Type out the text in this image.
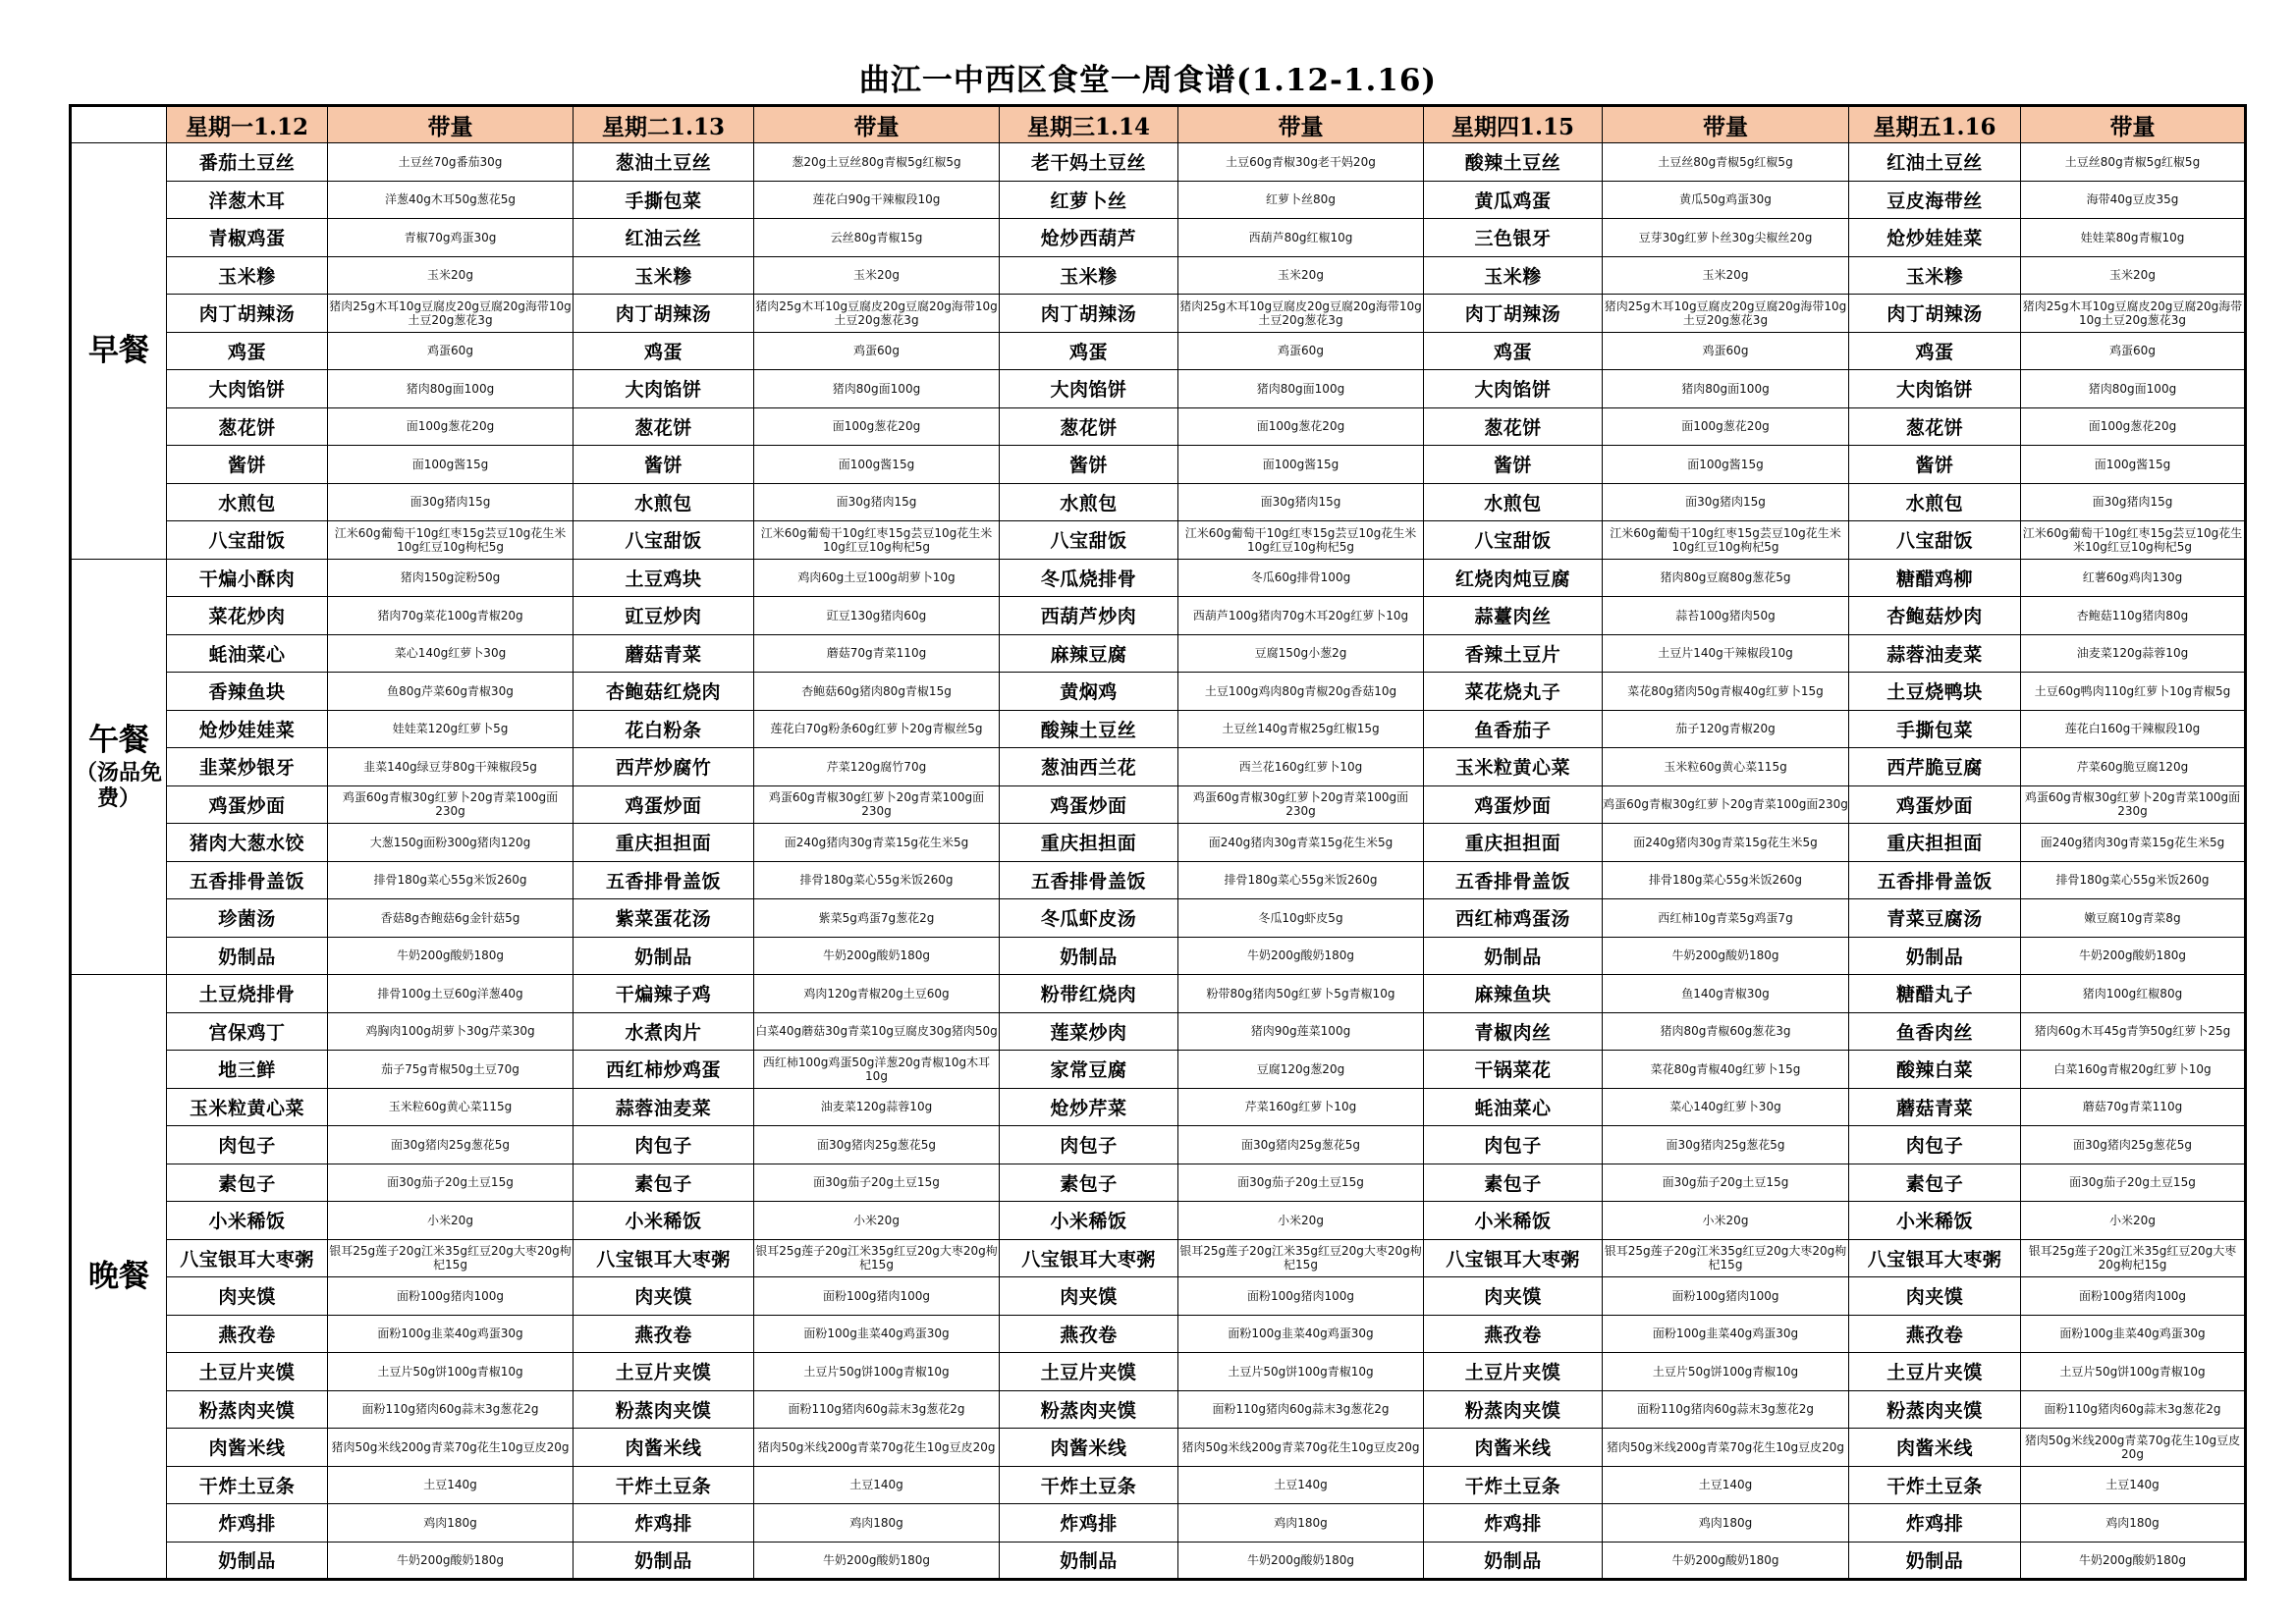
曲江一中西区食堂一周食谱(1.12-1.16)
	星期一1.12	带量	星期二1.13	带量	星期三1.14	带量	星期四1.15	带量	星期五1.16	带量
早餐	番茄土豆丝	土豆丝70g番茄30g	葱油土豆丝	葱20g土豆丝80g青椒5g红椒5g	老干妈土豆丝	土豆60g青椒30g老干妈20g	酸辣土豆丝	土豆丝80g青椒5g红椒5g	红油土豆丝	土豆丝80g青椒5g红椒5g
	洋葱木耳	洋葱40g木耳50g葱花5g	手撕包菜	莲花白90g干辣椒段10g	红萝卜丝	红萝卜丝80g	黄瓜鸡蛋	黄瓜50g鸡蛋30g	豆皮海带丝	海带40g豆皮35g
	青椒鸡蛋	青椒70g鸡蛋30g	红油云丝	云丝80g青椒15g	炝炒西葫芦	西葫芦80g红椒10g	三色银牙	豆芽30g红萝卜丝30g尖椒丝20g	炝炒娃娃菜	娃娃菜80g青椒10g
	玉米糁	玉米20g	玉米糁	玉米20g	玉米糁	玉米20g	玉米糁	玉米20g	玉米糁	玉米20g
	肉丁胡辣汤	猪肉25g木耳10g豆腐皮20g豆腐20g海带10g土豆20g葱花3g	肉丁胡辣汤	猪肉25g木耳10g豆腐皮20g豆腐20g海带10g土豆20g葱花3g	肉丁胡辣汤	猪肉25g木耳10g豆腐皮20g豆腐20g海带10g土豆20g葱花3g	肉丁胡辣汤	猪肉25g木耳10g豆腐皮20g豆腐20g海带10g土豆20g葱花3g	肉丁胡辣汤	猪肉25g木耳10g豆腐皮20g豆腐20g海带10g土豆20g葱花3g
	鸡蛋	鸡蛋60g	鸡蛋	鸡蛋60g	鸡蛋	鸡蛋60g	鸡蛋	鸡蛋60g	鸡蛋	鸡蛋60g
	大肉馅饼	猪肉80g面100g	大肉馅饼	猪肉80g面100g	大肉馅饼	猪肉80g面100g	大肉馅饼	猪肉80g面100g	大肉馅饼	猪肉80g面100g
	葱花饼	面100g葱花20g	葱花饼	面100g葱花20g	葱花饼	面100g葱花20g	葱花饼	面100g葱花20g	葱花饼	面100g葱花20g
	酱饼	面100g酱15g	酱饼	面100g酱15g	酱饼	面100g酱15g	酱饼	面100g酱15g	酱饼	面100g酱15g
	水煎包	面30g猪肉15g	水煎包	面30g猪肉15g	水煎包	面30g猪肉15g	水煎包	面30g猪肉15g	水煎包	面30g猪肉15g
	八宝甜饭	江米60g葡萄干10g红枣15g芸豆10g花生米10g红豆10g枸杞5g	八宝甜饭	江米60g葡萄干10g红枣15g芸豆10g花生米10g红豆10g枸杞5g	八宝甜饭	江米60g葡萄干10g红枣15g芸豆10g花生米10g红豆10g枸杞5g	八宝甜饭	江米60g葡萄干10g红枣15g芸豆10g花生米10g红豆10g枸杞5g	八宝甜饭	江米60g葡萄干10g红枣15g芸豆10g花生米10g红豆10g枸杞5g
午餐
（汤品免费）	干煸小酥肉	猪肉150g淀粉50g	土豆鸡块	鸡肉60g土豆100g胡萝卜10g	冬瓜烧排骨	冬瓜60g排骨100g	红烧肉炖豆腐	猪肉80g豆腐80g葱花5g	糖醋鸡柳	红薯60g鸡肉130g
	菜花炒肉	猪肉70g菜花100g青椒20g	豇豆炒肉	豇豆130g猪肉60g	西葫芦炒肉	西葫芦100g猪肉70g木耳20g红萝卜10g	蒜薹肉丝	蒜苔100g猪肉50g	杏鲍菇炒肉	杏鲍菇110g猪肉80g
	蚝油菜心	菜心140g红萝卜30g	蘑菇青菜	蘑菇70g青菜110g	麻辣豆腐	豆腐150g小葱2g	香辣土豆片	土豆片140g干辣椒段10g	蒜蓉油麦菜	油麦菜120g蒜蓉10g
	香辣鱼块	鱼80g芹菜60g青椒30g	杏鲍菇红烧肉	杏鲍菇60g猪肉80g青椒15g	黄焖鸡	土豆100g鸡肉80g青椒20g香菇10g	菜花烧丸子	菜花80g猪肉50g青椒40g红萝卜15g	土豆烧鸭块	土豆60g鸭肉110g红萝卜10g青椒5g
	炝炒娃娃菜	娃娃菜120g红萝卜5g	花白粉条	莲花白70g粉条60g红萝卜20g青椒丝5g	酸辣土豆丝	土豆丝140g青椒25g红椒15g	鱼香茄子	茄子120g青椒20g	手撕包菜	莲花白160g干辣椒段10g
	韭菜炒银牙	韭菜140g绿豆芽80g干辣椒段5g	西芹炒腐竹	芹菜120g腐竹70g	葱油西兰花	西兰花160g红萝卜10g	玉米粒黄心菜	玉米粒60g黄心菜115g	西芹脆豆腐	芹菜60g脆豆腐120g
	鸡蛋炒面	鸡蛋60g青椒30g红萝卜20g青菜100g面230g	鸡蛋炒面	鸡蛋60g青椒30g红萝卜20g青菜100g面230g	鸡蛋炒面	鸡蛋60g青椒30g红萝卜20g青菜100g面230g	鸡蛋炒面	鸡蛋60g青椒30g红萝卜20g青菜100g面230g	鸡蛋炒面	鸡蛋60g青椒30g红萝卜20g青菜100g面230g
	猪肉大葱水饺	大葱150g面粉300g猪肉120g	重庆担担面	面240g猪肉30g青菜15g花生米5g	重庆担担面	面240g猪肉30g青菜15g花生米5g	重庆担担面	面240g猪肉30g青菜15g花生米5g	重庆担担面	面240g猪肉30g青菜15g花生米5g
	五香排骨盖饭	排骨180g菜心55g米饭260g	五香排骨盖饭	排骨180g菜心55g米饭260g	五香排骨盖饭	排骨180g菜心55g米饭260g	五香排骨盖饭	排骨180g菜心55g米饭260g	五香排骨盖饭	排骨180g菜心55g米饭260g
	珍菌汤	香菇8g杏鲍菇6g金针菇5g	紫菜蛋花汤	紫菜5g鸡蛋7g葱花2g	冬瓜虾皮汤	冬瓜10g虾皮5g	西红柿鸡蛋汤	西红柿10g青菜5g鸡蛋7g	青菜豆腐汤	嫩豆腐10g青菜8g
	奶制品	牛奶200g酸奶180g	奶制品	牛奶200g酸奶180g	奶制品	牛奶200g酸奶180g	奶制品	牛奶200g酸奶180g	奶制品	牛奶200g酸奶180g
晚餐	土豆烧排骨	排骨100g土豆60g洋葱40g	干煸辣子鸡	鸡肉120g青椒20g土豆60g	粉带红烧肉	粉带80g猪肉50g红萝卜5g青椒10g	麻辣鱼块	鱼140g青椒30g	糖醋丸子	猪肉100g红椒80g
	宫保鸡丁	鸡胸肉100g胡萝卜30g芹菜30g	水煮肉片	白菜40g蘑菇30g青菜10g豆腐皮30g猪肉50g	莲菜炒肉	猪肉90g莲菜100g	青椒肉丝	猪肉80g青椒60g葱花3g	鱼香肉丝	猪肉60g木耳45g青笋50g红萝卜25g
	地三鲜	茄子75g青椒50g土豆70g	西红柿炒鸡蛋	西红柿100g鸡蛋50g洋葱20g青椒10g木耳10g	家常豆腐	豆腐120g葱20g	干锅菜花	菜花80g青椒40g红萝卜15g	酸辣白菜	白菜160g青椒20g红萝卜10g
	玉米粒黄心菜	玉米粒60g黄心菜115g	蒜蓉油麦菜	油麦菜120g蒜蓉10g	炝炒芹菜	芹菜160g红萝卜10g	蚝油菜心	菜心140g红萝卜30g	蘑菇青菜	蘑菇70g青菜110g
	肉包子	面30g猪肉25g葱花5g	肉包子	面30g猪肉25g葱花5g	肉包子	面30g猪肉25g葱花5g	肉包子	面30g猪肉25g葱花5g	肉包子	面30g猪肉25g葱花5g
	素包子	面30g茄子20g土豆15g	素包子	面30g茄子20g土豆15g	素包子	面30g茄子20g土豆15g	素包子	面30g茄子20g土豆15g	素包子	面30g茄子20g土豆15g
	小米稀饭	小米20g	小米稀饭	小米20g	小米稀饭	小米20g	小米稀饭	小米20g	小米稀饭	小米20g
	八宝银耳大枣粥	银耳25g莲子20g江米35g红豆20g大枣20g枸杞15g	八宝银耳大枣粥	银耳25g莲子20g江米35g红豆20g大枣20g枸杞15g	八宝银耳大枣粥	银耳25g莲子20g江米35g红豆20g大枣20g枸杞15g	八宝银耳大枣粥	银耳25g莲子20g江米35g红豆20g大枣20g枸杞15g	八宝银耳大枣粥	银耳25g莲子20g江米35g红豆20g大枣20g枸杞15g
	肉夹馍	面粉100g猪肉100g	肉夹馍	面粉100g猪肉100g	肉夹馍	面粉100g猪肉100g	肉夹馍	面粉100g猪肉100g	肉夹馍	面粉100g猪肉100g
	燕孜卷	面粉100g韭菜40g鸡蛋30g	燕孜卷	面粉100g韭菜40g鸡蛋30g	燕孜卷	面粉100g韭菜40g鸡蛋30g	燕孜卷	面粉100g韭菜40g鸡蛋30g	燕孜卷	面粉100g韭菜40g鸡蛋30g
	土豆片夹馍	土豆片50g饼100g青椒10g	土豆片夹馍	土豆片50g饼100g青椒10g	土豆片夹馍	土豆片50g饼100g青椒10g	土豆片夹馍	土豆片50g饼100g青椒10g	土豆片夹馍	土豆片50g饼100g青椒10g
	粉蒸肉夹馍	面粉110g猪肉60g蒜末3g葱花2g	粉蒸肉夹馍	面粉110g猪肉60g蒜末3g葱花2g	粉蒸肉夹馍	面粉110g猪肉60g蒜末3g葱花2g	粉蒸肉夹馍	面粉110g猪肉60g蒜末3g葱花2g	粉蒸肉夹馍	面粉110g猪肉60g蒜末3g葱花2g
	肉酱米线	猪肉50g米线200g青菜70g花生10g豆皮20g	肉酱米线	猪肉50g米线200g青菜70g花生10g豆皮20g	肉酱米线	猪肉50g米线200g青菜70g花生10g豆皮20g	肉酱米线	猪肉50g米线200g青菜70g花生10g豆皮20g	肉酱米线	猪肉50g米线200g青菜70g花生10g豆皮20g
	干炸土豆条	土豆140g	干炸土豆条	土豆140g	干炸土豆条	土豆140g	干炸土豆条	土豆140g	干炸土豆条	土豆140g
	炸鸡排	鸡肉180g	炸鸡排	鸡肉180g	炸鸡排	鸡肉180g	炸鸡排	鸡肉180g	炸鸡排	鸡肉180g
	奶制品	牛奶200g酸奶180g	奶制品	牛奶200g酸奶180g	奶制品	牛奶200g酸奶180g	奶制品	牛奶200g酸奶180g	奶制品	牛奶200g酸奶180g
